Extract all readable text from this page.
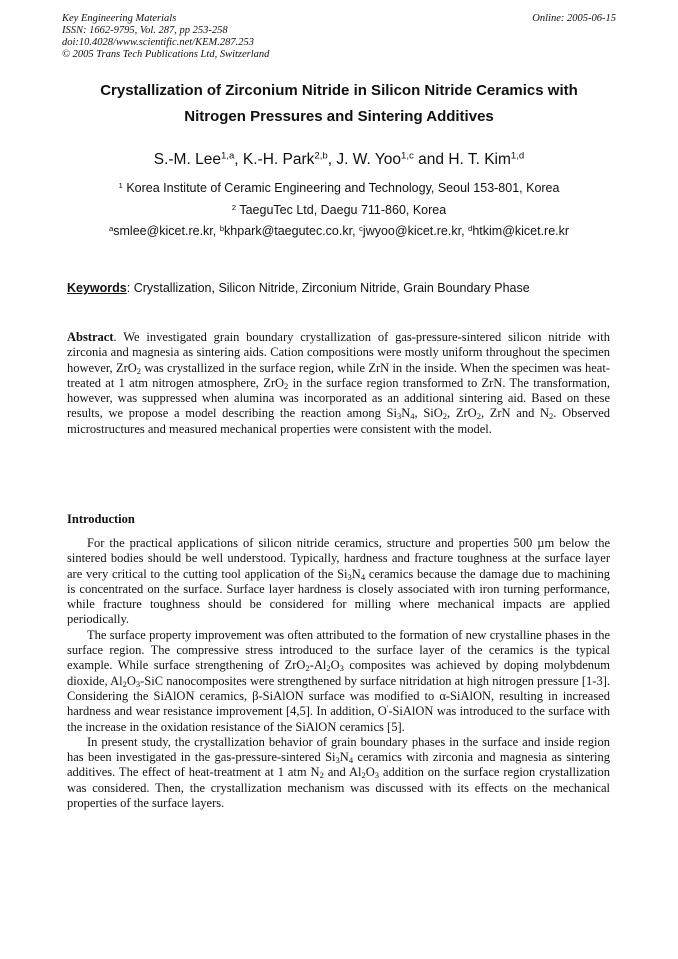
Key Engineering Materials	Online: 2005-06-15
ISSN: 1662-9795, Vol. 287, pp 253-258
doi:10.4028/www.scientific.net/KEM.287.253
© 2005 Trans Tech Publications Ltd, Switzerland
Crystallization of Zirconium Nitride in Silicon Nitride Ceramics with
Nitrogen Pressures and Sintering Additives
S.-M. Lee$^{1,a}$, K.-H. Park$^{2,b}$, J. W. Yoo$^{1,c}$ and H. T. Kim$^{1,d}$
$^1$ Korea Institute of Ceramic Engineering and Technology, Seoul 153-801, Korea
$^2$ TaeguTec Ltd, Daegu 711-860, Korea
$^a$smlee@kicet.re.kr, $^b$khpark@taegutec.co.kr, $^c$jwyoo@kicet.re.kr, $^d$htkim@kicet.re.kr
Keywords: Crystallization, Silicon Nitride, Zirconium Nitride, Grain Boundary Phase

Abstract. We investigated grain boundary crystallization of gas-pressure-sintered silicon nitride with zirconia and magnesia as sintering aids. Cation compositions were mostly uniform throughout the specimen however, ZrO$_2$ was crystallized in the surface region, while ZrN in the inside. When the specimen was heat-treated at 1 atm nitrogen atmosphere, ZrO$_2$ in the surface region transformed to ZrN. The transformation, however, was suppressed when alumina was incorporated as an additional sintering aid. Based on these results, we propose a model describing the reaction among $Si_3N_4$, SiO$_2$, ZrO$_2$, ZrN and $N_2$. Observed microstructures and measured mechanical properties were consistent with the model.

Introduction

For the practical applications of silicon nitride ceramics, structure and properties 500 µm below the sintered bodies should be well understood. Typically, hardness and fracture toughness at the surface layer are very critical to the cutting tool application of the $Si_3N_4$ ceramics because the damage due to machining is concentrated on the surface. Surface layer hardness is closely associated with iron turning performance, while fracture toughness should be considered for milling where mechanical impacts are applied periodically.

The surface property improvement was often attributed to the formation of new crystalline phases in the surface region. The compressive stress introduced to the surface layer of the ceramics is the typical example. While surface strengthening of $ZrO_2-Al_2O_3$ composites was achieved by doping molybdenum dioxide, $Al_2O_3$-SiC nanocomposites were strengthened by surface nitridation at high nitrogen pressure [1-3]. Considering the SiAlON ceramics, β-SiAlON surface was modified to α-SiAlON, resulting in increased hardness and wear resistance improvement [4,5]. In addition, O'-SiAlON was introduced to the surface with the increase in the oxidation resistance of the SiAlON ceramics [5].

In present study, the crystallization behavior of grain boundary phases in the surface and inside region has been investigated in the gas-pressure-sintered $Si_3N_4$ ceramics with zirconia and magnesia as sintering additives. The effect of heat-treatment at 1 atm $N_2$ and $Al_2O_3$ addition on the surface region crystallization was considered. Then, the crystallization mechanism was discussed with its effects on the mechanical properties of the surface layers.
